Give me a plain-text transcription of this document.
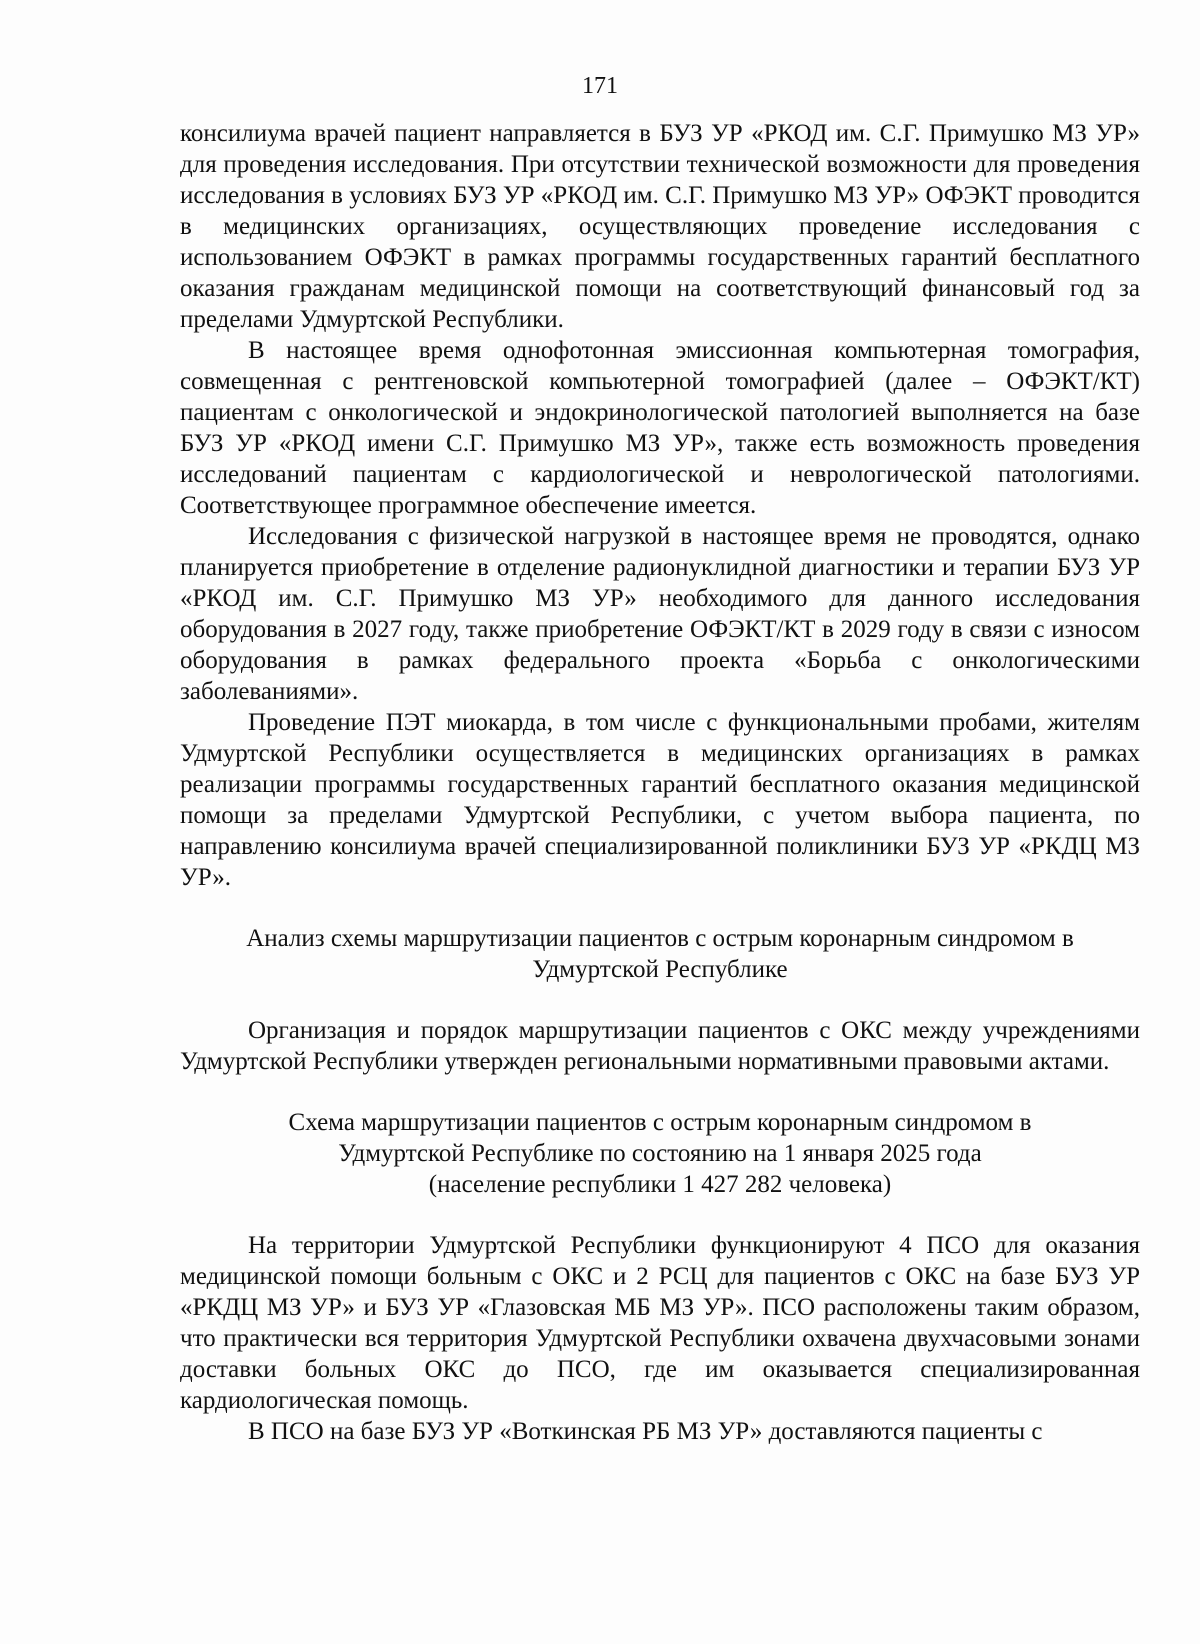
171

консилиума врачей пациент направляется в БУЗ УР «РКОД им. С.Г. Примушко МЗ УР» для проведения исследования. При отсутствии технической возможности для проведения исследования в условиях БУЗ УР «РКОД им. С.Г. Примушко МЗ УР» ОФЭКТ проводится в медицинских организациях, осуществляющих проведение исследования с использованием ОФЭКТ в рамках программы государственных гарантий бесплатного оказания гражданам медицинской помощи на соответствующий финансовый год за пределами Удмуртской Республики.

В настоящее время однофотонная эмиссионная компьютерная томография, совмещенная с рентгеновской компьютерной томографией (далее – ОФЭКТ/КТ) пациентам с онкологической и эндокринологической патологией выполняется на базе БУЗ УР «РКОД имени С.Г. Примушко МЗ УР», также есть возможность проведения исследований пациентам с кардиологической и неврологической патологиями. Соответствующее программное обеспечение имеется.

Исследования с физической нагрузкой в настоящее время не проводятся, однако планируется приобретение в отделение радионуклидной диагностики и терапии БУЗ УР «РКОД им. С.Г. Примушко МЗ УР» необходимого для данного исследования оборудования в 2027 году, также приобретение ОФЭКТ/КТ в 2029 году в связи с износом оборудования в рамках федерального проекта «Борьба с онкологическими заболеваниями».

Проведение ПЭТ миокарда, в том числе с функциональными пробами, жителям Удмуртской Республики осуществляется в медицинских организациях в рамках реализации программы государственных гарантий бесплатного оказания медицинской помощи за пределами Удмуртской Республики, с учетом выбора пациента, по направлению консилиума врачей специализированной поликлиники БУЗ УР «РКДЦ МЗ УР».

Анализ схемы маршрутизации пациентов с острым коронарным синдромом в

Удмуртской Республике

Организация и порядок маршрутизации пациентов с ОКС между учреждениями Удмуртской Республики утвержден региональными нормативными правовыми актами.

Схема маршрутизации пациентов с острым коронарным синдромом в

Удмуртской Республике по состоянию на 1 января 2025 года

(население республики 1 427 282 человека)

На территории Удмуртской Республики функционируют 4 ПСО для оказания медицинской помощи больным с ОКС и 2 РСЦ для пациентов с ОКС на базе БУЗ УР «РКДЦ МЗ УР» и БУЗ УР «Глазовская МБ МЗ УР». ПСО расположены таким образом, что практически вся территория Удмуртской Республики охвачена двухчасовыми зонами доставки больных ОКС до ПСО, где им оказывается специализированная кардиологическая помощь.

В ПСО на базе БУЗ УР «Воткинская РБ МЗ УР» доставляются пациенты с
